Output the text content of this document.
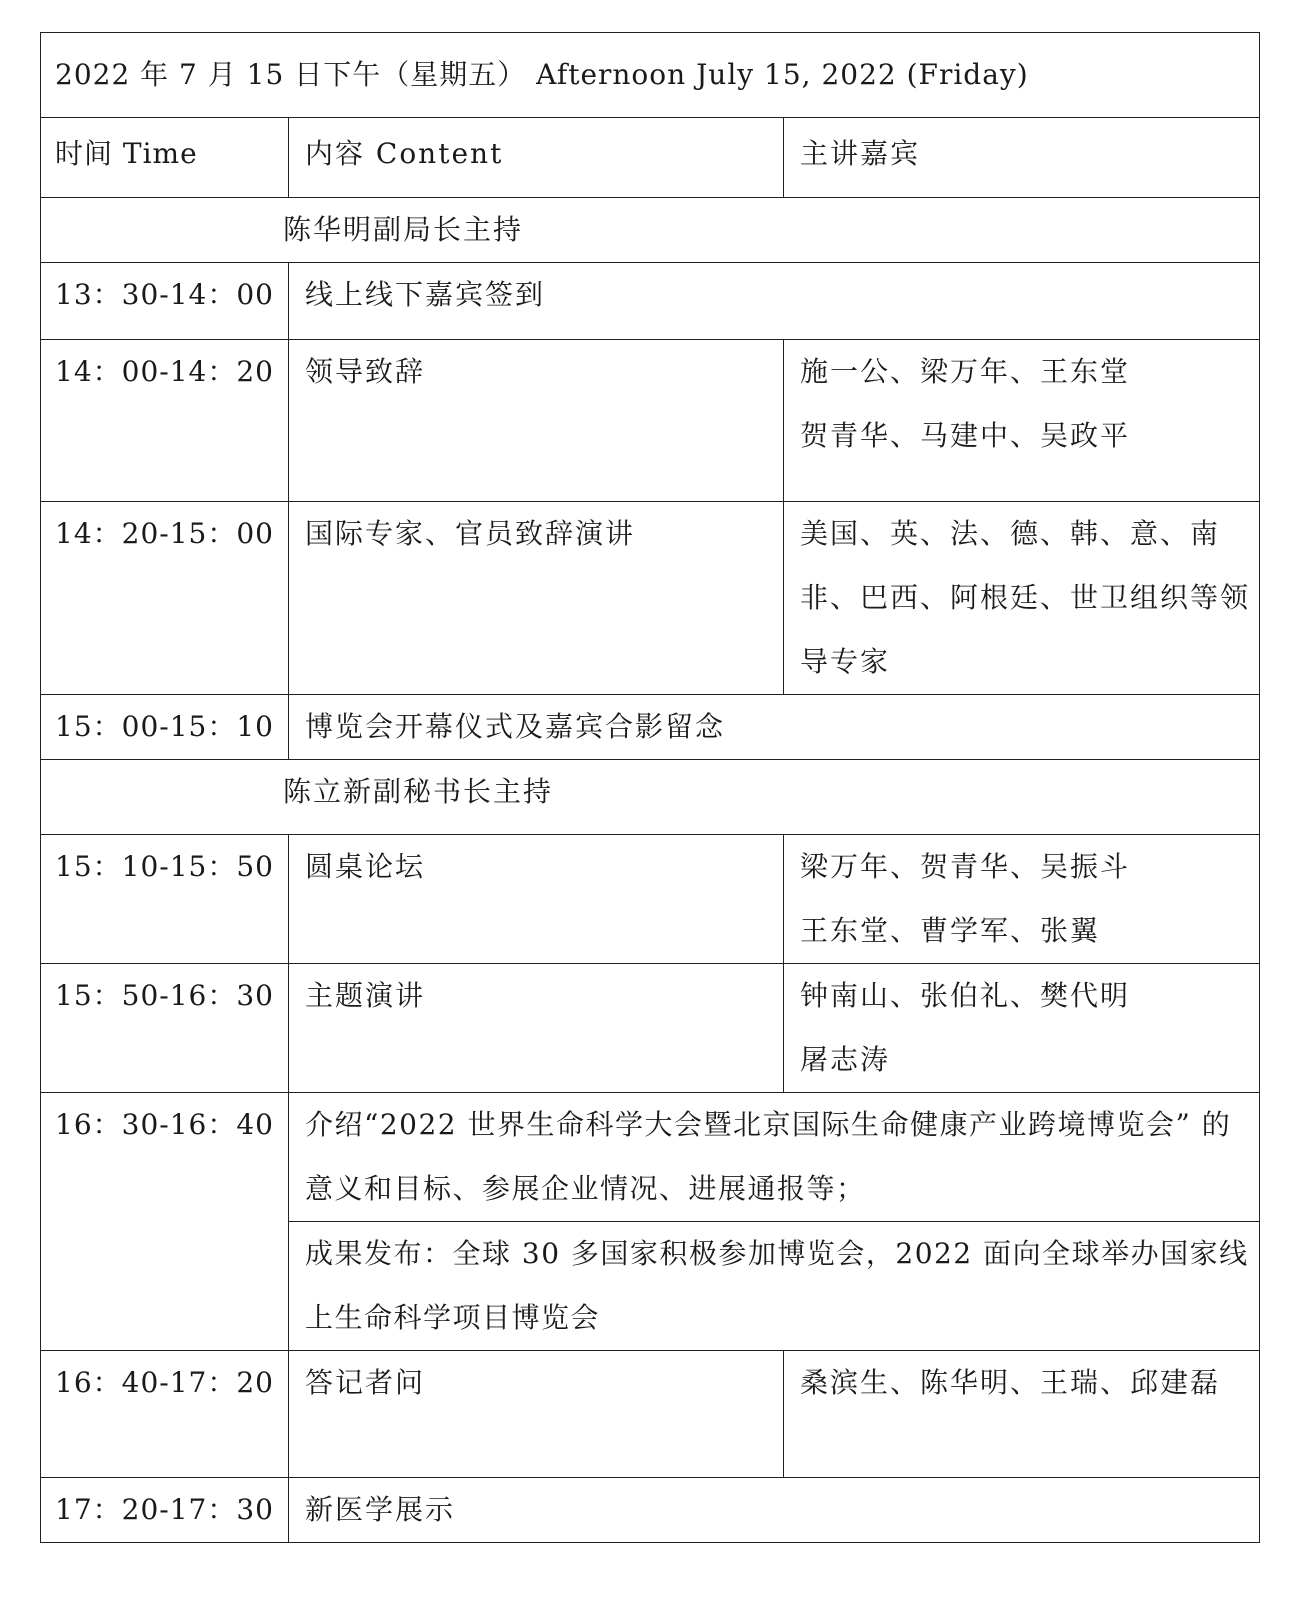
2022 年 7 月 15 日下午（星期五） Afternoon July 15, 2022 (Friday)		
时间 Time	内容 Content	主讲嘉宾
陈华明副局长主持		
13：30-14：00	线上线下嘉宾签到	
14：00-14：20	领导致辞	施一公、梁万年、王东堂
贺青华、马建中、吴政平
14：20-15：00	国际专家、官员致辞演讲	美国、英、法、德、韩、意、南非、巴西、阿根廷、世卫组织等领导专家
15：00-15：10	博览会开幕仪式及嘉宾合影留念	
陈立新副秘书长主持		
15：10-15：50	圆桌论坛	梁万年、贺青华、吴振斗
王东堂、曹学军、张翼
15：50-16：30	主题演讲	钟南山、张伯礼、樊代明
屠志涛
16：30-16：40	介绍“2022 世界生命科学大会暨北京国际生命健康产业跨境博览会” 的意义和目标、参展企业情况、进展通报等；	
	成果发布：全球 30 多国家积极参加博览会，2022 面向全球举办国家线上生命科学项目博览会	
16：40-17：20	答记者问	桑滨生、陈华明、王瑞、邱建磊
17：20-17：30	新医学展示	
